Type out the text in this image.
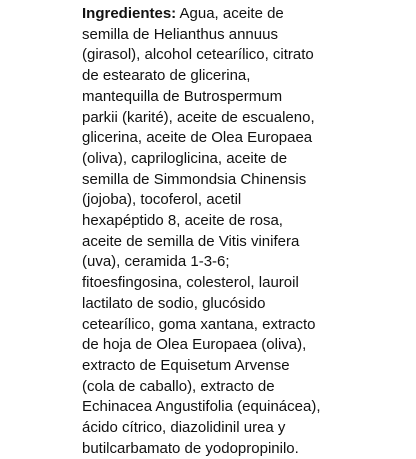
Ingredientes: Agua, aceite de

semilla de Helianthus annuus

(girasol), alcohol cetearílico, citrato

de estearato de glicerina,

mantequilla de Butrospermum

parkii (karité), aceite de escualeno,

glicerina, aceite de Olea Europaea

(oliva), capriloglicina, aceite de

semilla de Simmondsia Chinensis

(jojoba), tocoferol, acetil

hexapéptido 8, aceite de rosa,

aceite de semilla de Vitis vinifera

(uva), ceramida 1-3-6;

fitoesfingosina, colesterol, lauroil

lactilato de sodio, glucósido

cetearílico, goma xantana, extracto

de hoja de Olea Europaea (oliva),

extracto de Equisetum Arvense

(cola de caballo), extracto de

Echinacea Angustifolia (equinácea),

ácido cítrico, diazolidinil urea y

butilcarbamato de yodopropinilo.
